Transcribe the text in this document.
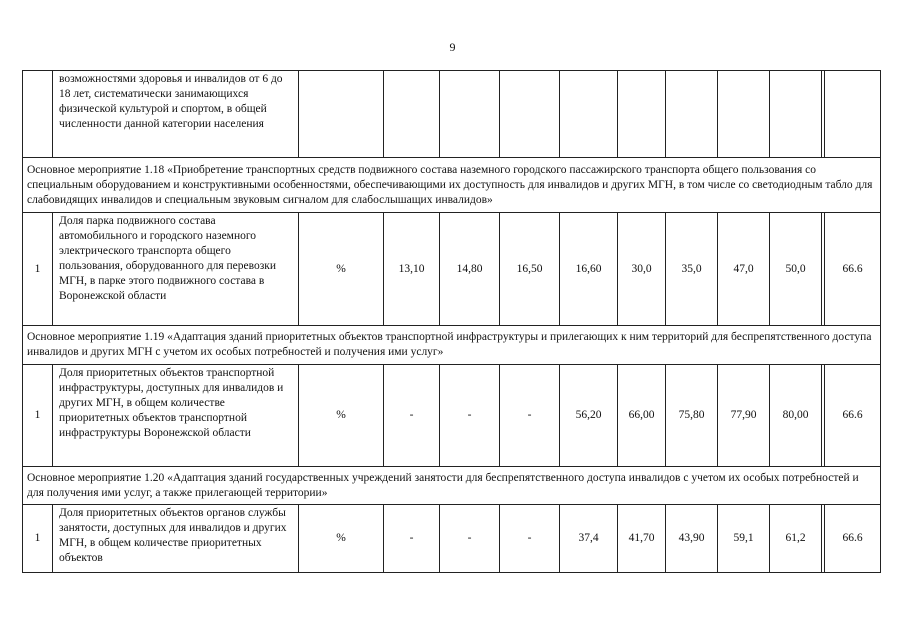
9
	возможностями здоровья и инвалидов от 6 до 18 лет, систематически занимающихся физической культурой и спортом, в общей численности данной категории населения											
Основное мероприятие 1.18 «Приобретение транспортных средств подвижного состава наземного городского пассажирского транспорта общего пользования со специальным оборудованием и конструктивными особенностями, обеспечивающими их доступность для инвалидов и других МГН, в том числе со светодиодным табло для слабовидящих инвалидов и специальным звуковым сигналом для слабослышащих инвалидов»												
1	Доля парка подвижного состава автомобильного и городского наземного электрического транспорта общего пользования, оборудованного для перевозки МГН, в парке этого подвижного состава в Воронежской области	%	13,10	14,80	16,50	16,60	30,0	35,0	47,0	50,0		66.6
Основное мероприятие 1.19 «Адаптация зданий приоритетных объектов транспортной инфраструктуры и прилегающих к ним территорий для беспрепятственного доступа инвалидов и других МГН с учетом их особых потребностей и получения ими услуг»												
1	Доля приоритетных объектов транспортной инфраструктуры, доступных для инвалидов и других МГН, в общем количестве приоритетных объектов транспортной инфраструктуры Воронежской области	%	-	-	-	56,20	66,00	75,80	77,90	80,00		66.6
Основное мероприятие 1.20 «Адаптация зданий государственных учреждений занятости для беспрепятственного доступа инвалидов с учетом их особых потребностей и для получения ими услуг, а также прилегающей территории»												
1	Доля приоритетных объектов органов службы занятости, доступных для инвалидов и других МГН, в общем количестве приоритетных объектов	%	-	-	-	37,4	41,70	43,90	59,1	61,2		66.6
